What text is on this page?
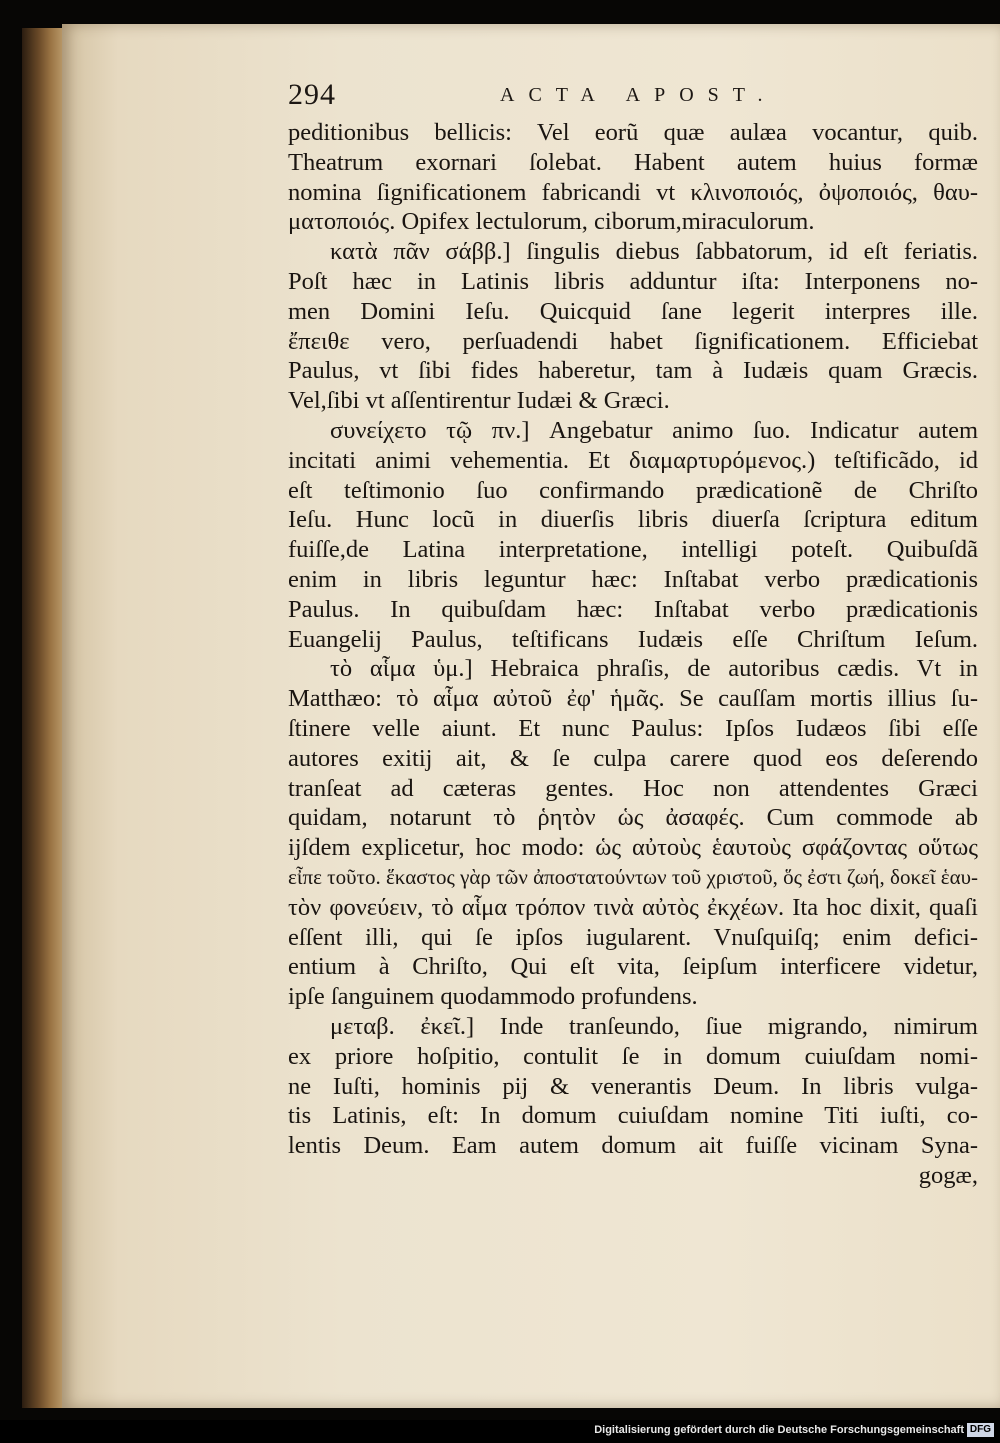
294	ACTA APOST.
peditionibus bellicis: Vel eorũ quæ aulæa vocantur, quib.
Theatrum exornari ſolebat. Habent autem huius formæ
nomina ſignificationem fabricandi vt κλινοποιός, ὀψοποιός, θαυ-
ματοποιός. Opifex lectulorum, ciborum,miraculorum.
κατὰ πᾶν σάββ.] ſingulis diebus ſabbatorum, id eſt feriatis.
Poſt hæc in Latinis libris adduntur iſta: Interponens no-
men Domini Ieſu. Quicquid ſane legerit interpres ille.
ἔπειθε vero, perſuadendi habet ſignificationem. Efficiebat
Paulus, vt ſibi fides haberetur, tam à Iudæis quam Græcis.
Vel,ſibi vt aſſentirentur Iudæi & Græci.
συνείχετο τῷ πν.] Angebatur animo ſuo. Indicatur autem
incitati animi vehementia. Et διαμαρτυρόμενος.) teſtificãdo, id
eſt teſtimonio ſuo confirmando prædicationẽ de Chriſto
Ieſu. Hunc locũ in diuerſis libris diuerſa ſcriptura editum
fuiſſe,de Latina interpretatione, intelligi poteſt. Quibuſdã
enim in libris leguntur hæc: Inſtabat verbo prædicationis
Paulus. In quibuſdam hæc: Inſtabat verbo prædicationis
Euangelij Paulus, teſtificans Iudæis eſſe Chriſtum Ieſum.
τὸ αἷμα ὑμ.] Hebraica phraſis, de autoribus cædis. Vt in
Matthæo: τὸ αἷμα αὐτοῦ ἐφ' ἡμᾶς. Se cauſſam mortis illius ſu-
ſtinere velle aiunt. Et nunc Paulus: Ipſos Iudæos ſibi eſſe
autores exitij ait, & ſe culpa carere quod eos deſerendo
tranſeat ad cæteras gentes. Hoc non attendentes Græci
quidam, notarunt τὸ ῥητὸν ὡς ἀσαφές. Cum commode ab
ijſdem explicetur, hoc modo: ὡς αὐτοὺς ἑαυτοὺς σφάζοντας οὕτως
εἶπε τοῦτο. ἕκαστος γὰρ τῶν ἀποστατούντων τοῦ χριστοῦ, ὅς ἐστι ζωή, δοκεῖ ἑαυ-
τὸν φονεύειν, τὸ αἷμα τρόπον τινὰ αὐτὸς ἐκχέων. Ita hoc dixit, quaſi
eſſent illi, qui ſe ipſos iugularent. Vnuſquiſq; enim defici-
entium à Chriſto, Qui eſt vita, ſeipſum interficere videtur,
ipſe ſanguinem quodammodo profundens.
μεταβ. ἐκεῖ.] Inde tranſeundo, ſiue migrando, nimirum
ex priore hoſpitio, contulit ſe in domum cuiuſdam nomi-
ne Iuſti, hominis pij & venerantis Deum. In libris vulga-
tis Latinis, eſt: In domum cuiuſdam nomine Titi iuſti, co-
lentis Deum. Eam autem domum ait fuiſſe vicinam Syna-
gogæ,
Digitalisierung gefördert durch die Deutsche Forschungsgemeinschaft DFG
